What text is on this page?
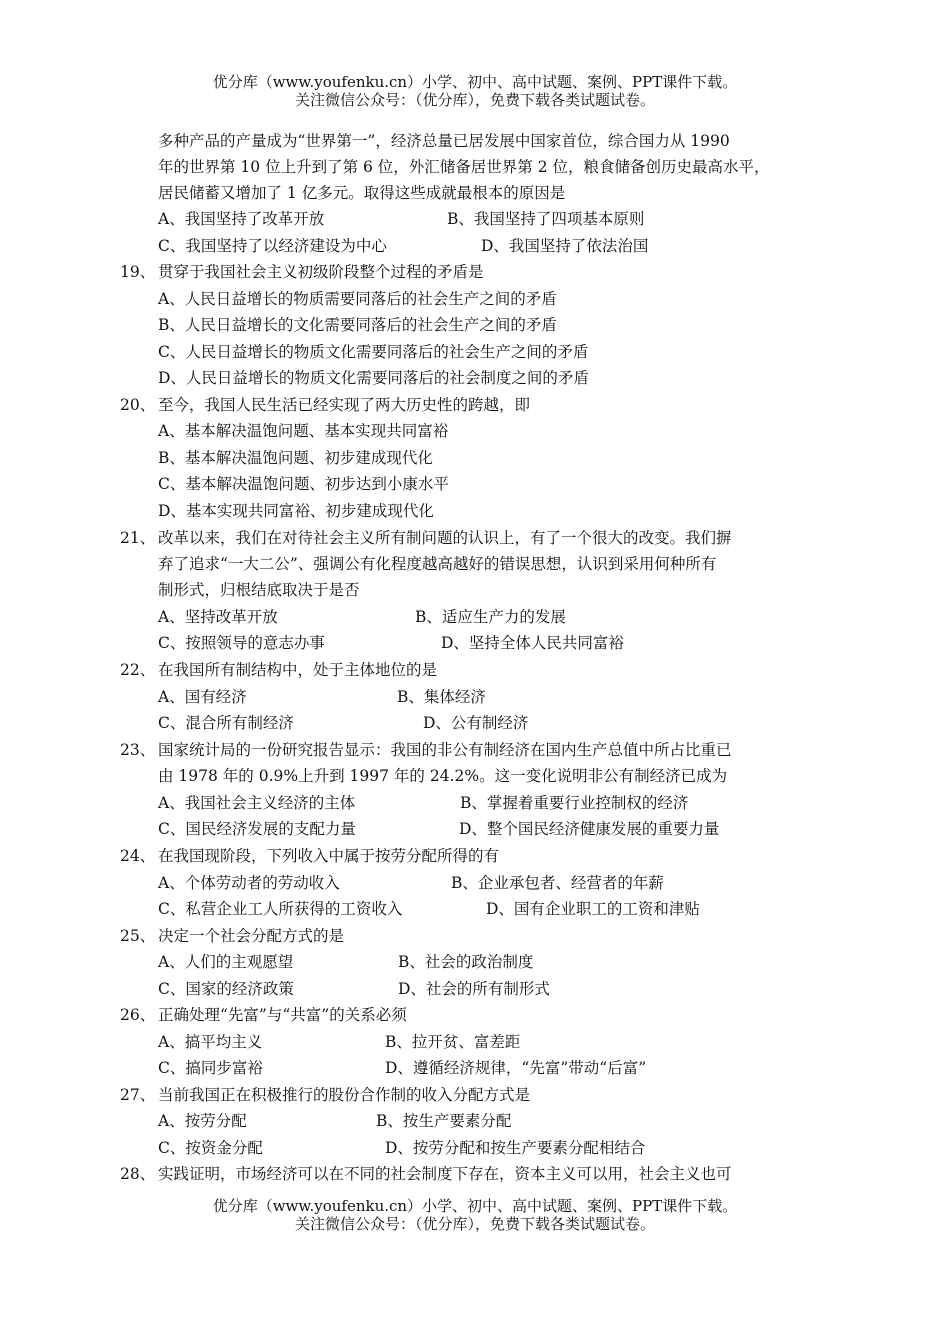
优分库（www.youfenku.cn）小学、初中、高中试题、案例、PPT课件下载。
关注微信公众号：（优分库），免费下载各类试题试卷。
多种产品的产量成为“世界第一”，经济总量已居发展中国家首位，综合国力从 1990
年的世界第 10 位上升到了第 6 位，外汇储备居世界第 2 位，粮食储备创历史最高水平，
居民储蓄又增加了 1 亿多元。取得这些成就最根本的原因是
A、我国坚持了改革开放	B、我国坚持了四项基本原则
C、我国坚持了以经济建设为中心	D、我国坚持了依法治国
19、 贯穿于我国社会主义初级阶段整个过程的矛盾是
A、人民日益增长的物质需要同落后的社会生产之间的矛盾
B、人民日益增长的文化需要同落后的社会生产之间的矛盾
C、人民日益增长的物质文化需要同落后的社会生产之间的矛盾
D、人民日益增长的物质文化需要同落后的社会制度之间的矛盾
20、 至今，我国人民生活已经实现了两大历史性的跨越，即
A、基本解决温饱问题、基本实现共同富裕
B、基本解决温饱问题、初步建成现代化
C、基本解决温饱问题、初步达到小康水平
D、基本实现共同富裕、初步建成现代化
21、 改革以来，我们在对待社会主义所有制问题的认识上，有了一个很大的改变。我们摒
弃了追求“一大二公”、强调公有化程度越高越好的错误思想，认识到采用何种所有
制形式，归根结底取决于是否
A、坚持改革开放	B、适应生产力的发展
C、按照领导的意志办事	D、坚持全体人民共同富裕
22、 在我国所有制结构中，处于主体地位的是
A、国有经济	B、集体经济
C、混合所有制经济	D、公有制经济
23、 国家统计局的一份研究报告显示：我国的非公有制经济在国内生产总值中所占比重已
由 1978 年的 0.9%上升到 1997 年的 24.2%。这一变化说明非公有制经济已成为
A、我国社会主义经济的主体	B、掌握着重要行业控制权的经济
C、国民经济发展的支配力量	D、整个国民经济健康发展的重要力量
24、 在我国现阶段，下列收入中属于按劳分配所得的有
A、个体劳动者的劳动收入	B、企业承包者、经营者的年薪
C、私营企业工人所获得的工资收入	D、国有企业职工的工资和津贴
25、 决定一个社会分配方式的是
A、人们的主观愿望	B、社会的政治制度
C、国家的经济政策	D、社会的所有制形式
26、 正确处理“先富”与“共富”的关系必须
A、搞平均主义	B、拉开贫、富差距
C、搞同步富裕	D、遵循经济规律，“先富”带动“后富”
27、 当前我国正在积极推行的股份合作制的收入分配方式是
A、按劳分配	B、按生产要素分配
C、按资金分配	D、按劳分配和按生产要素分配相结合
28、 实践证明，市场经济可以在不同的社会制度下存在，资本主义可以用，社会主义也可
优分库（www.youfenku.cn）小学、初中、高中试题、案例、PPT课件下载。
关注微信公众号：（优分库），免费下载各类试题试卷。
